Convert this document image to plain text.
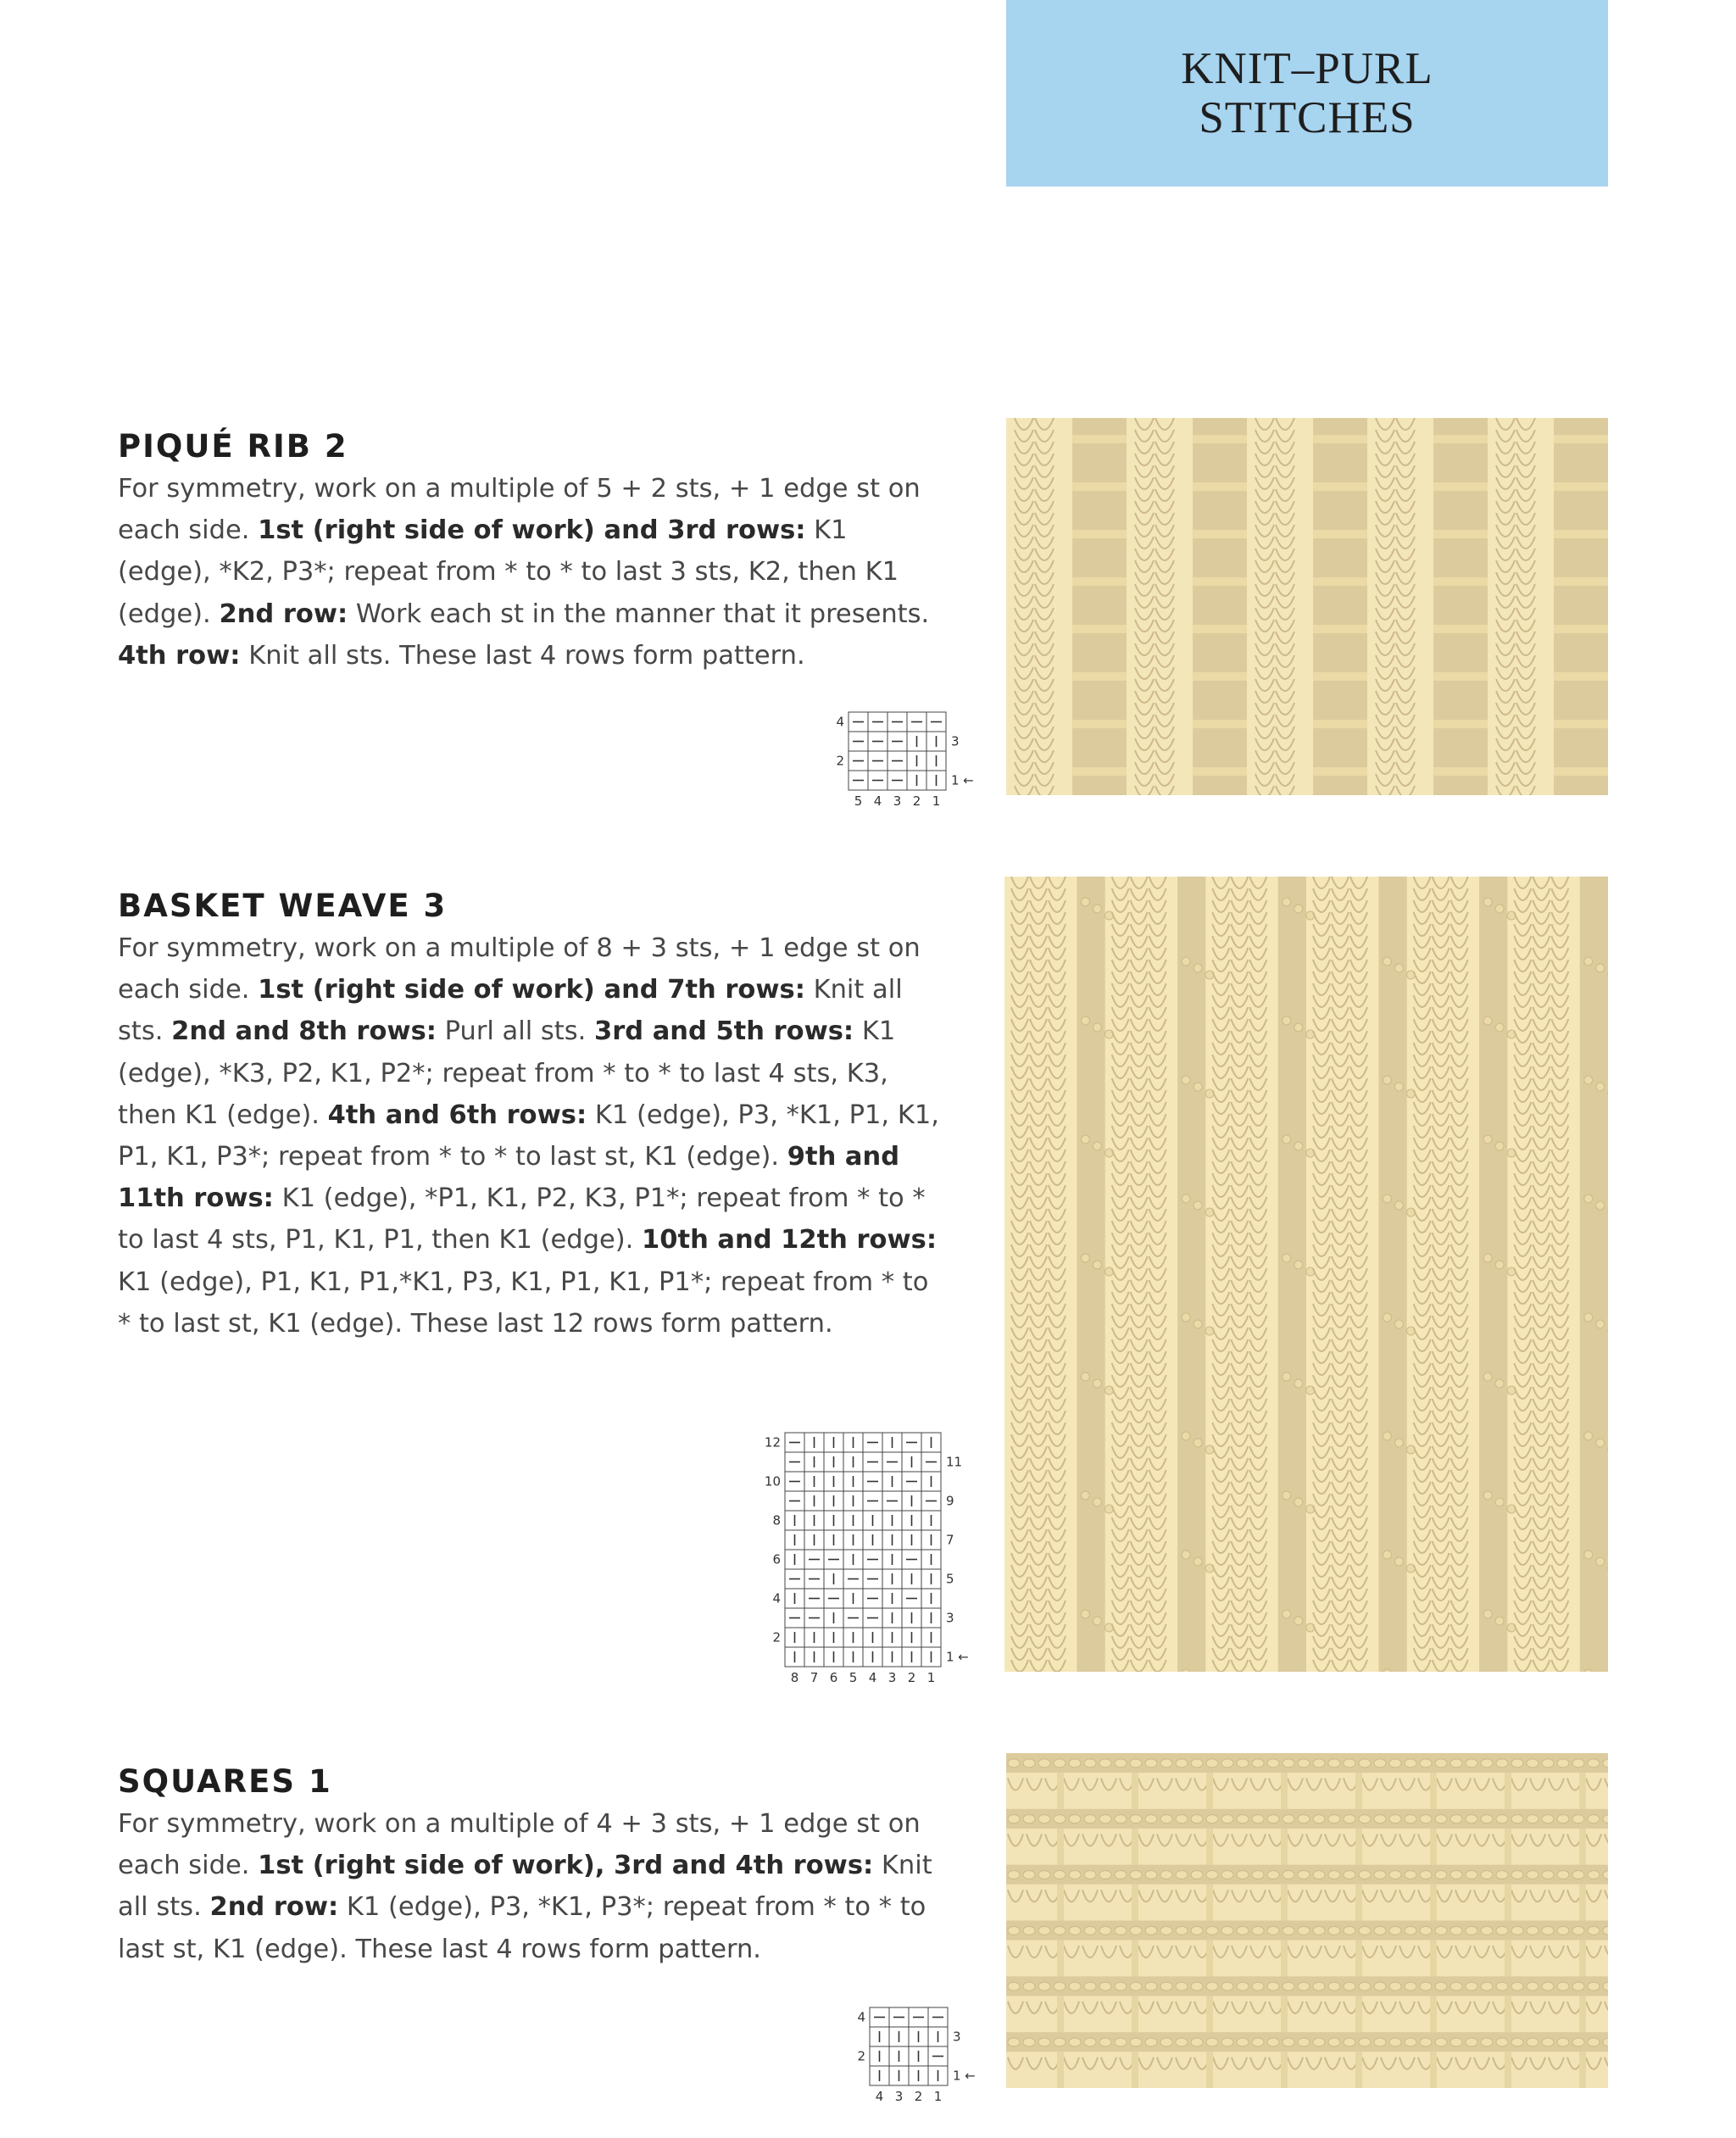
KNIT–PURL
STITCHES
PIQUÉ RIB 2

For symmetry, work on a multiple of 5 + 2 sts, + 1 edge st on each side. 1st (right side of work) and 3rd rows: K1 (edge), *K2, P3*; repeat from * to * to last 3 sts, K2, then K1 (edge). 2nd row: Work each st in the manner that it presents. 4th row: Knit all sts. These last 4 rows form pattern.

4
3
2
1 ←
5 4 3 2 1
BASKET WEAVE 3

For symmetry, work on a multiple of 8 + 3 sts, + 1 edge st on each side. 1st (right side of work) and 7th rows: Knit all sts. 2nd and 8th rows: Purl all sts. 3rd and 5th rows: K1 (edge), *K3, P2, K1, P2*; repeat from * to * to last 4 sts, K3, then K1 (edge). 4th and 6th rows: K1 (edge), P3, *K1, P1, K1, P1, K1, P3*; repeat from * to * to last st, K1 (edge). 9th and 11th rows: K1 (edge), *P1, K1, P2, K3, P1*; repeat from * to * to last 4 sts, P1, K1, P1, then K1 (edge). 10th and 12th rows: K1 (edge), P1, K1, P1,*K1, P3, K1, P1, K1, P1*; repeat from * to * to last st, K1 (edge). These last 12 rows form pattern.

12
11
10
9
8
7
6
5
4
3
2
1 ←
8 7 6 5 4 3 2 1
SQUARES 1

For symmetry, work on a multiple of 4 + 3 sts, + 1 edge st on each side. 1st (right side of work), 3rd and 4th rows: Knit all sts. 2nd row: K1 (edge), P3, *K1, P3*; repeat from * to * to last st, K1 (edge). These last 4 rows form pattern.

4
3
2
1 ←
4 3 2 1
